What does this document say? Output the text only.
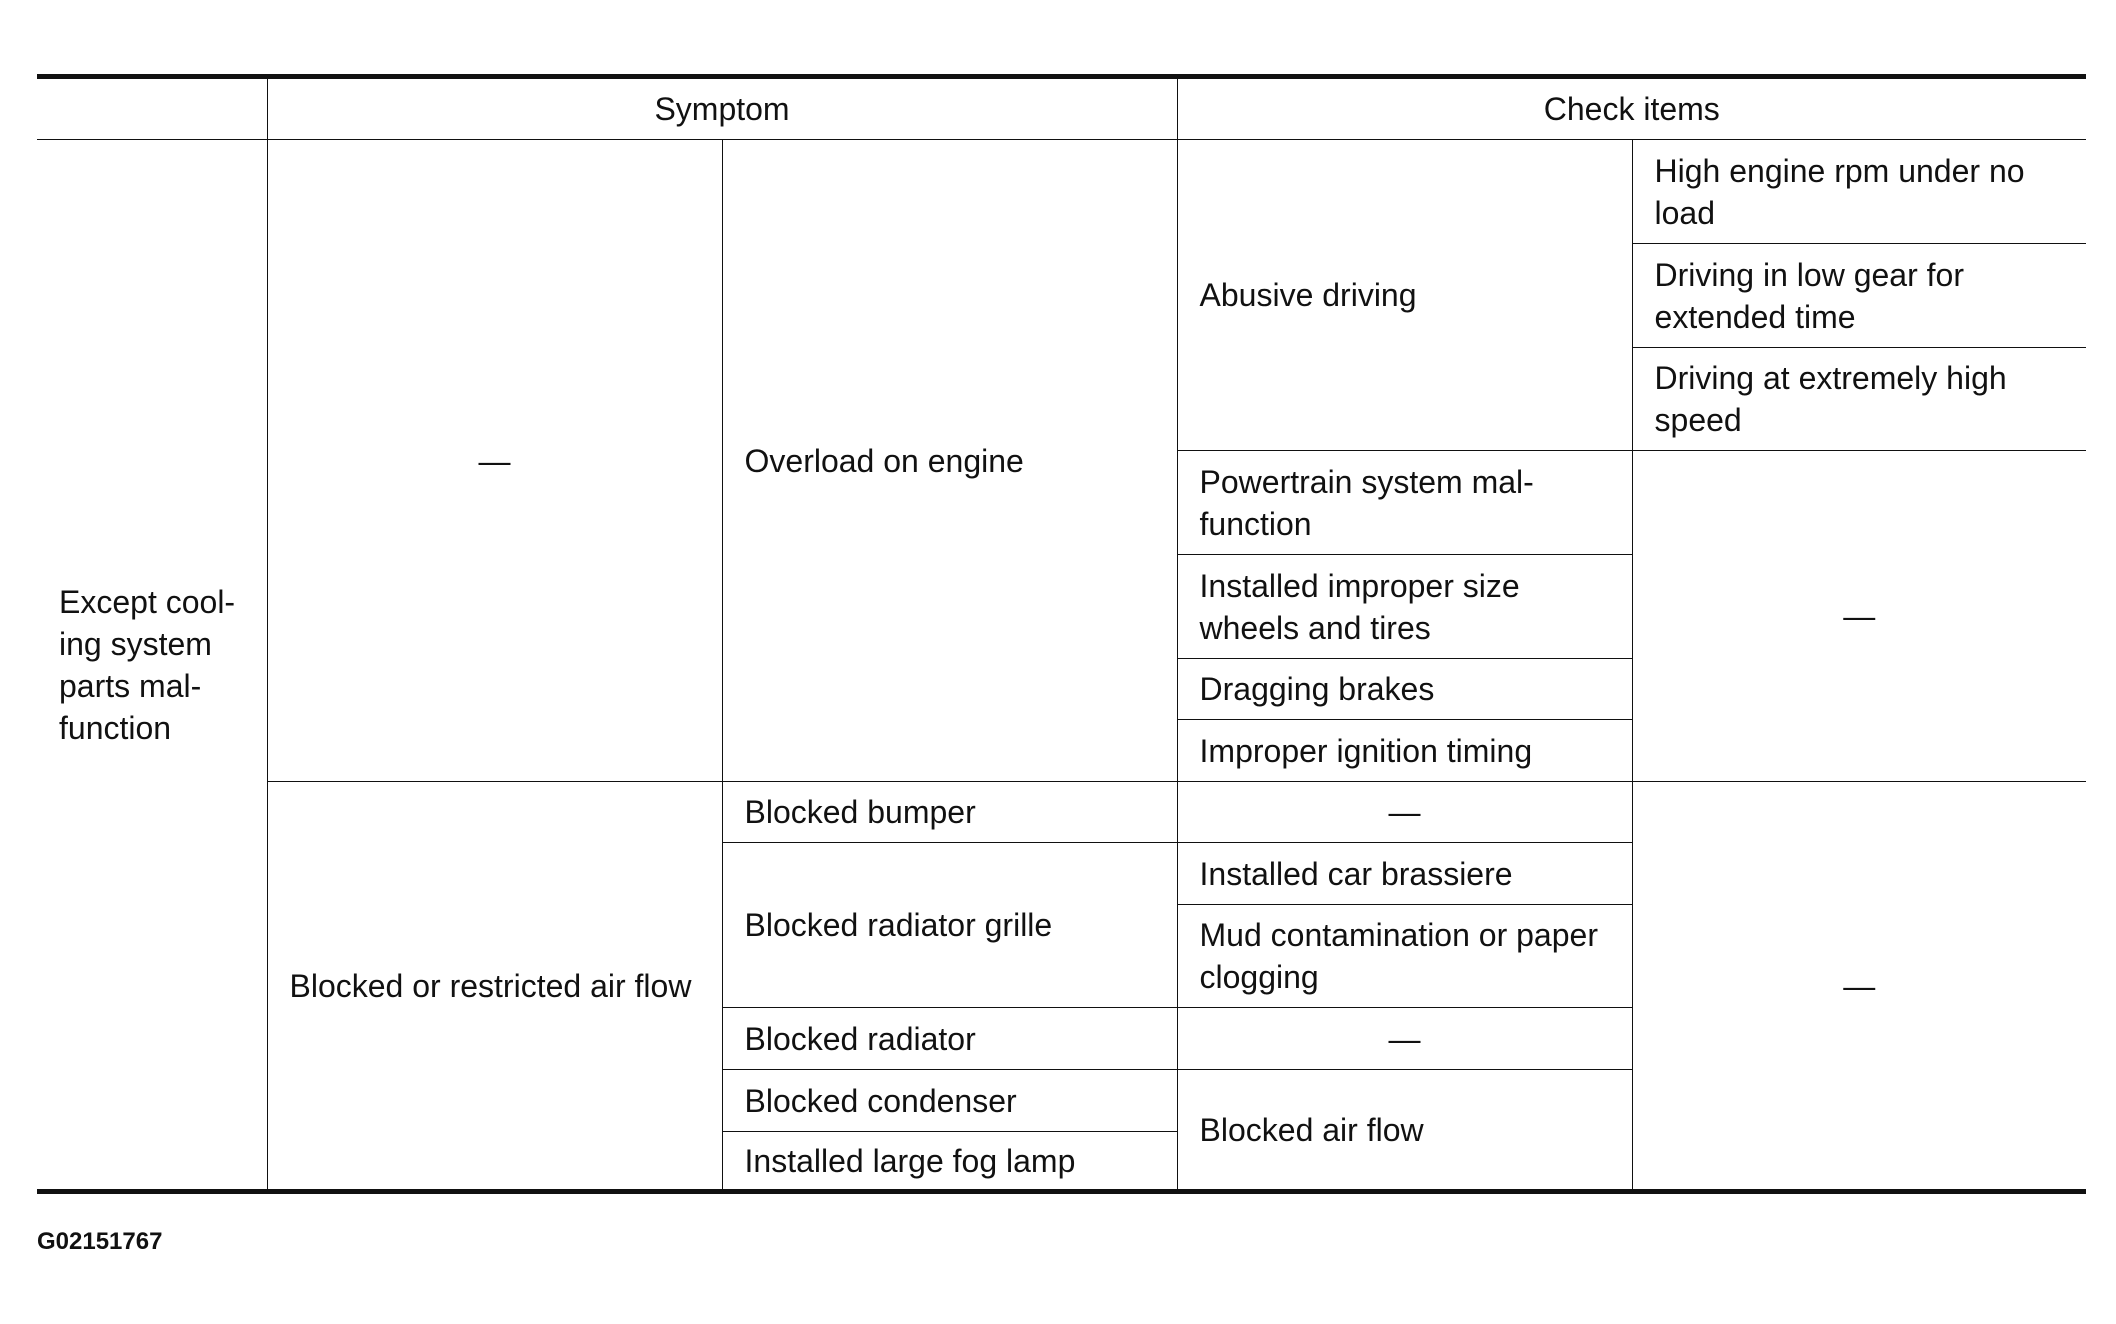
	Symptom		Check items	
Except cool-ing system parts mal-function	—	Overload on engine	Abusive driving	High engine rpm under no load
				Driving in low gear for extended time
				Driving at extremely high speed
			Powertrain system mal-function	—
			Installed improper size wheels and tires	
			Dragging brakes	
			Improper ignition timing	
	Blocked or restricted air flow	Blocked bumper	—	—
		Blocked radiator grille	Installed car brassiere	
			Mud contamination or paper clogging	
		Blocked radiator	—	
		Blocked condenser	Blocked air flow	
		Installed large fog lamp		
G02151767
